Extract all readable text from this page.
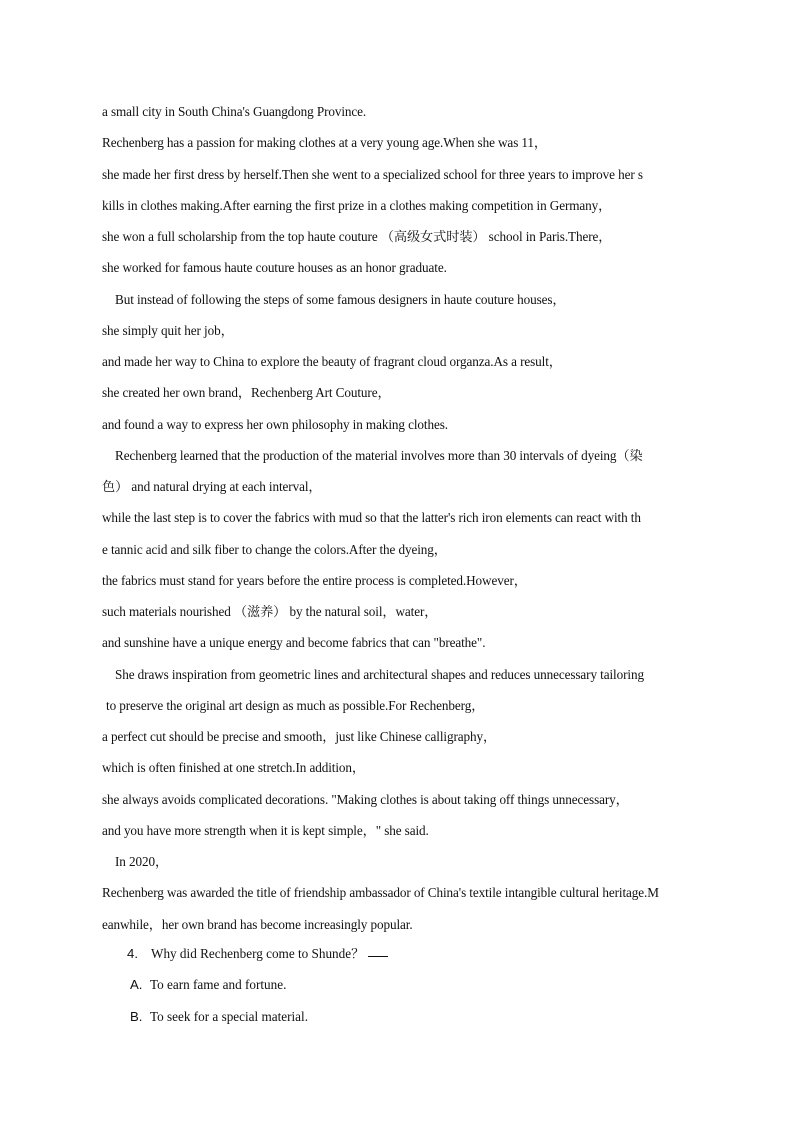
a small city in South China's Guangdong Province.
Rechenberg has a passion for making clothes at a very young age.When she was 11，
she made her first dress by herself.Then she went to a specialized school for three years to improve her s
kills in clothes making.After earning the first prize in a clothes making competition in Germany，
she won a full scholarship from the top haute couture （高级女式时装） school in Paris.There，
she worked for famous haute couture houses as an honor graduate.
But instead of following the steps of some famous designers in haute couture houses，
she simply quit her job，
and made her way to China to explore the beauty of fragrant cloud organza.As a result，
she created her own brand，Rechenberg Art Couture，
and found a way to express her own philosophy in making clothes.
Rechenberg learned that the production of the material involves more than 30 intervals of dyeing（染
色） and natural drying at each interval，
while the last step is to cover the fabrics with mud so that the latter's rich iron elements can react with th
e tannic acid and silk fiber to change the colors.After the dyeing，
the fabrics must stand for years before the entire process is completed.However，
such materials nourished （滋养） by the natural soil，water，
and sunshine have a unique energy and become fabrics that can "breathe".
She draws inspiration from geometric lines and architectural shapes and reduces unnecessary tailoring
to preserve the original art design as much as possible.For Rechenberg，
a perfect cut should be precise and smooth，just like Chinese calligraphy，
which is often finished at one stretch.In addition，
she always avoids complicated decorations. "Making clothes is about taking off things unnecessary，
and you have more strength when it is kept simple，" she said.
In 2020，
Rechenberg was awarded the title of friendship ambassador of China's textile intangible cultural heritage.M
eanwhile，her own brand has become increasingly popular.
4. Why did Rechenberg come to Shunde？
A. To earn fame and fortune.
B. To seek for a special material.
